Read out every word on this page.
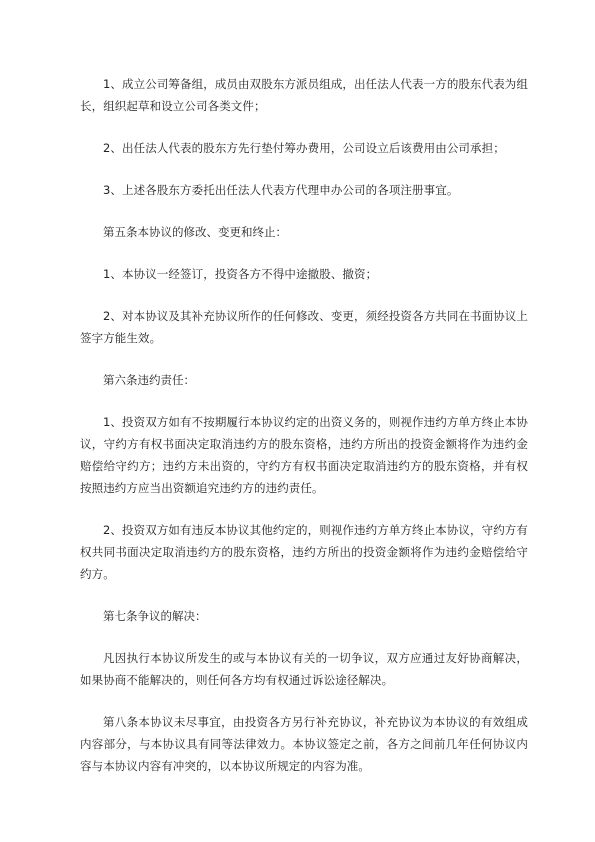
1、成立公司筹备组，成员由双股东方派员组成，出任法人代表一方的股东代表为组长，组织起草和设立公司各类文件；

2、出任法人代表的股东方先行垫付筹办费用，公司设立后该费用由公司承担；

3、上述各股东方委托出任法人代表方代理申办公司的各项注册事宜。

第五条本协议的修改、变更和终止：

1、本协议一经签订，投资各方不得中途撤股、撤资；

2、对本协议及其补充协议所作的任何修改、变更，须经投资各方共同在书面协议上签字方能生效。

第六条违约责任：

1、投资双方如有不按期履行本协议约定的出资义务的，则视作违约方单方终止本协议，守约方有权书面决定取消违约方的股东资格，违约方所出的投资金额将作为违约金赔偿给守约方；违约方未出资的，守约方有权书面决定取消违约方的股东资格，并有权按照违约方应当出资额追究违约方的违约责任。

2、投资双方如有违反本协议其他约定的，则视作违约方单方终止本协议，守约方有权共同书面决定取消违约方的股东资格，违约方所出的投资金额将作为违约金赔偿给守约方。

第七条争议的解决：

凡因执行本协议所发生的或与本协议有关的一切争议，双方应通过友好协商解决，如果协商不能解决的，则任何各方均有权通过诉讼途径解决。

第八条本协议未尽事宜，由投资各方另行补充协议，补充协议为本协议的有效组成内容部分，与本协议具有同等法律效力。本协议签定之前，各方之间前几年任何协议内容与本协议内容有冲突的，以本协议所规定的内容为准。
